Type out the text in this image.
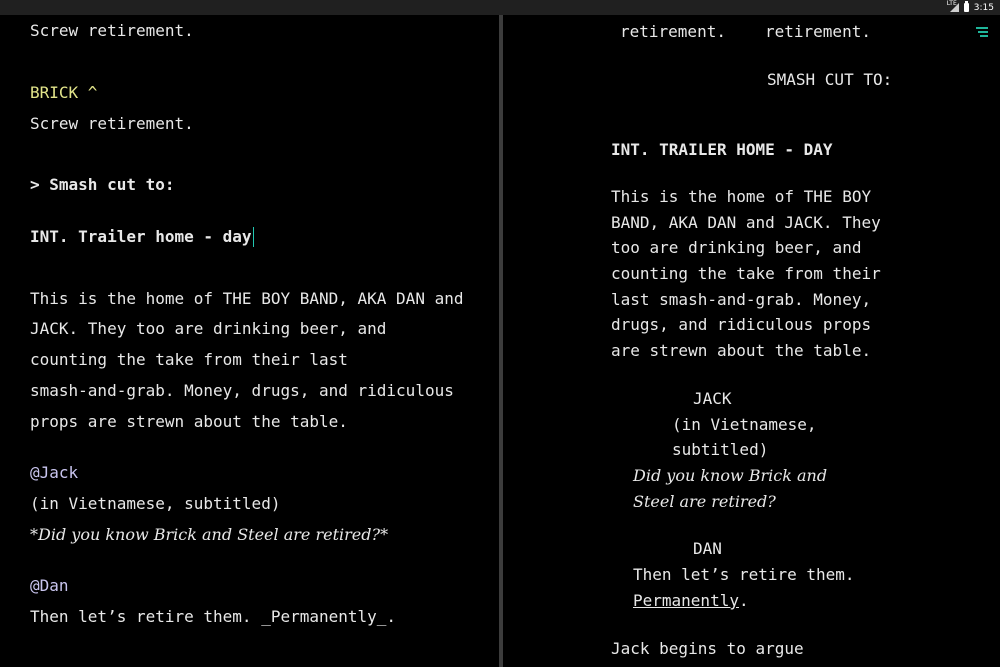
LTE 3:15
Screw retirement.
BRICK ^
Screw retirement.
> Smash cut to:
INT. Trailer home - day
This is the home of THE BOY BAND, AKA DAN and
JACK. They too are drinking beer, and
counting the take from their last
smash-and-grab. Money, drugs, and ridiculous
props are strewn about the table.
@Jack
(in Vietnamese, subtitled)
*Did you know Brick and Steel are retired?*
@Dan
Then let’s retire them. _Permanently_.
retirement. retirement.
SMASH CUT TO:
INT. TRAILER HOME - DAY
This is the home of THE BOY
BAND, AKA DAN and JACK. They
too are drinking beer, and
counting the take from their
last smash-and-grab. Money,
drugs, and ridiculous props
are strewn about the table.
JACK
(in Vietnamese,
subtitled)
Did you know Brick and
Steel are retired?
DAN
Then let’s retire them.
Permanently.
Jack begins to argue
